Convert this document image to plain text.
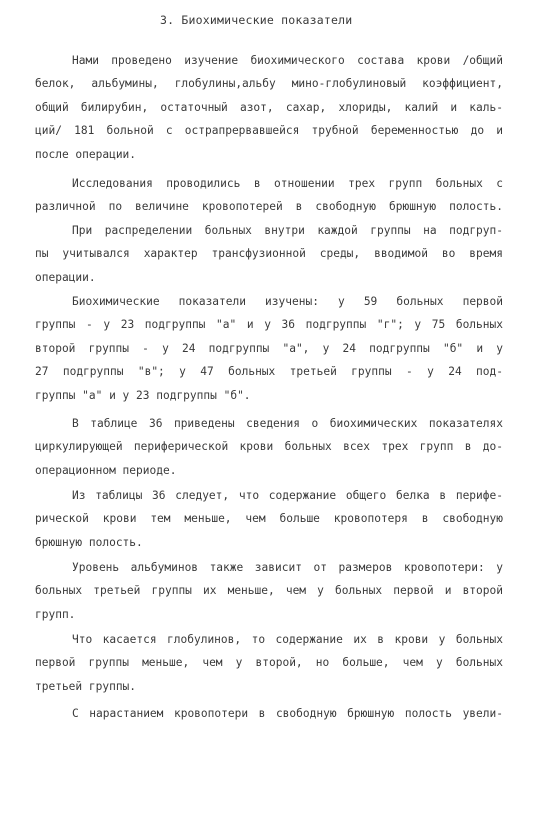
3. Биохимические показатели
Нами проведено изучение биохимического состава крови /общий
белок, альбумины, глобулины,альбу мино-глобулиновый коэффициент,
общий билирубин, остаточный азот, сахар, хлориды, калий и каль-
ций/ 181 больной с острапрервавшейся трубной беременностью до и
после операции.
Исследования проводились в отношении трех групп больных с
различной по величине кровопотерей в свободную брюшную полость.
При распределении больных внутри каждой группы на подгруп-
пы учитывался характер трансфузионной среды, вводимой во время
операции.
Биохимические показатели изучены: у 59 больных первой
группы - у 23 подгруппы "а" и у 36 подгруппы "г"; у 75 больных
второй группы - у 24 подгруппы "а", у 24 подгруппы "б" и у
27 подгруппы "в"; у 47 больных третьей группы - у 24 под-
группы "а" и у 23 подгруппы "б".
В таблице 36 приведены сведения о биохимических показателях
циркулирующей периферической крови больных всех трех групп в до-
операционном периоде.
Из таблицы 36 следует, что содержание общего белка в перифе-
рической крови тем меньше, чем больше кровопотеря в свободную
брюшную полость.
Уровень альбуминов также зависит от размеров кровопотери: у
больных третьей группы их меньше, чем у больных первой и второй
групп.
Что касается глобулинов, то содержание их в крови у больных
первой группы меньше, чем у второй, но больше, чем у больных
третьей группы.
С нарастанием кровопотери в свободную брюшную полость увели-
